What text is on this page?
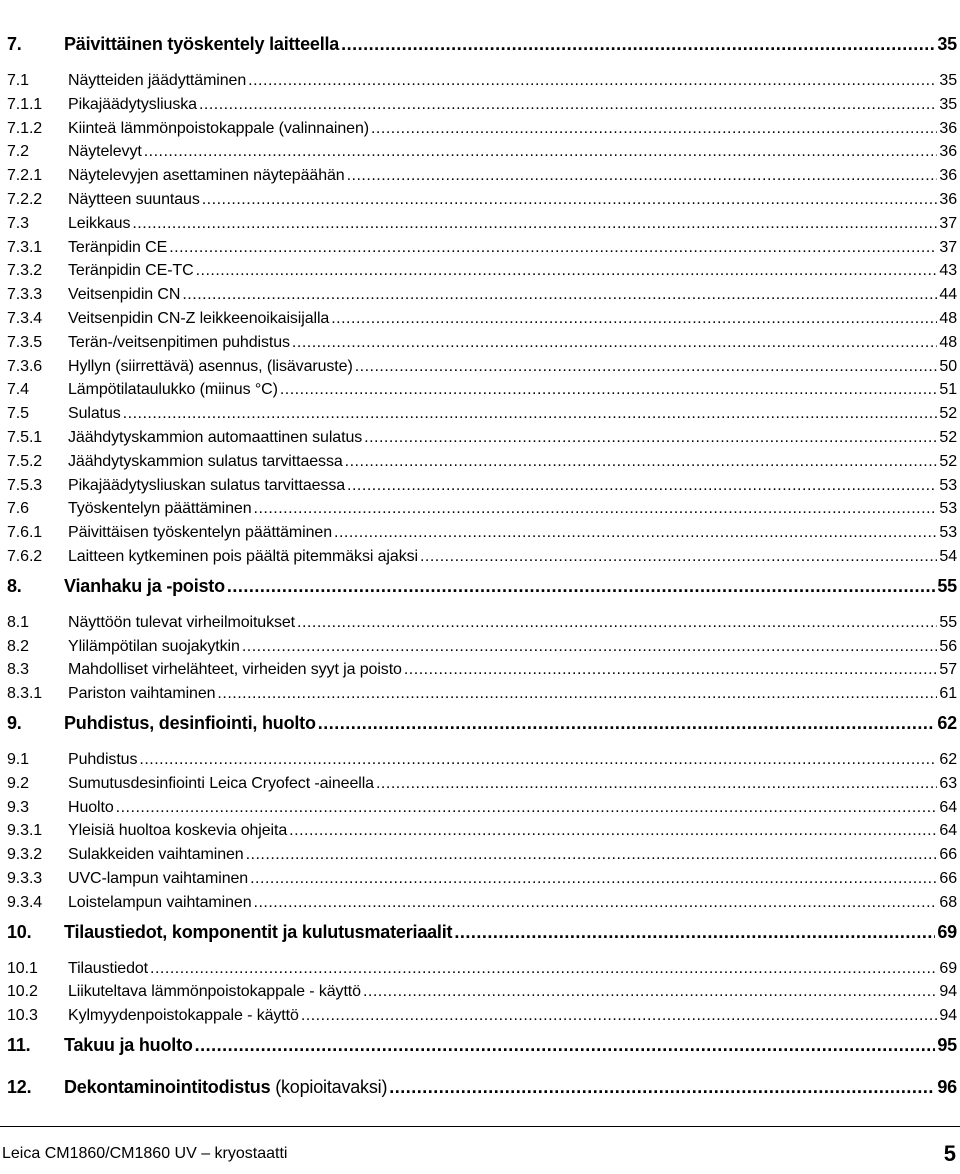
7.	Päivittäinen työskentely laitteella .....	35
7.1	Näytteiden jäädyttäminen .....	35
7.1.1	Pikajäädytysliuska .....	35
7.1.2	Kiinteä lämmönpoistokappale (valinnainen) .....	36
7.2	Näytelevyt .....	36
7.2.1	Näytelevyjen asettaminen näytepäähän .....	36
7.2.2	Näytteen suuntaus .....	36
7.3	Leikkaus .....	37
7.3.1	Teränpidin CE .....	37
7.3.2	Teränpidin CE-TC .....	43
7.3.3	Veitsenpidin CN .....	44
7.3.4	Veitsenpidin CN-Z leikkeenoikaisijalla .....	48
7.3.5	Terän-/veitsenpitimen puhdistus .....	48
7.3.6	Hyllyn (siirrettävä) asennus, (lisävaruste) .....	50
7.4	Lämpötilataulukko (miinus °C) .....	51
7.5	Sulatus .....	52
7.5.1	Jäähdytyskammion automaattinen sulatus .....	52
7.5.2	Jäähdytyskammion sulatus tarvittaessa .....	52
7.5.3	Pikajäädytysliuskan sulatus tarvittaessa .....	53
7.6	Työskentelyn päättäminen .....	53
7.6.1	Päivittäisen työskentelyn päättäminen .....	53
7.6.2	Laitteen kytkeminen pois päältä pitemmäksi ajaksi .....	54
8.	Vianhaku ja -poisto .....	55
8.1	Näyttöön tulevat virheilmoitukset .....	55
8.2	Ylilämpötilan suojakytkin .....	56
8.3	Mahdolliset virhelähteet, virheiden syyt ja poisto .....	57
8.3.1	Pariston vaihtaminen .....	61
9.	Puhdistus, desinfiointi, huolto .....	62
9.1	Puhdistus .....	62
9.2	Sumutusdesinfiointi Leica Cryofect -aineella .....	63
9.3	Huolto .....	64
9.3.1	Yleisiä huoltoa koskevia ohjeita .....	64
9.3.2	Sulakkeiden vaihtaminen .....	66
9.3.3	UVC-lampun vaihtaminen .....	66
9.3.4	Loistelampun vaihtaminen .....	68
10.	Tilaustiedot, komponentit ja kulutusmateriaalit .....	69
10.1	Tilaustiedot .....	69
10.2	Liikuteltava lämmönpoistokappale - käyttö .....	94
10.3	Kylmyydenpoistokappale - käyttö .....	94
11.	Takuu ja huolto .....	95
12.	Dekontaminointitodistus (kopioitavaksi) .....	96
Leica CM1860/CM1860 UV – kryostaatti	5
